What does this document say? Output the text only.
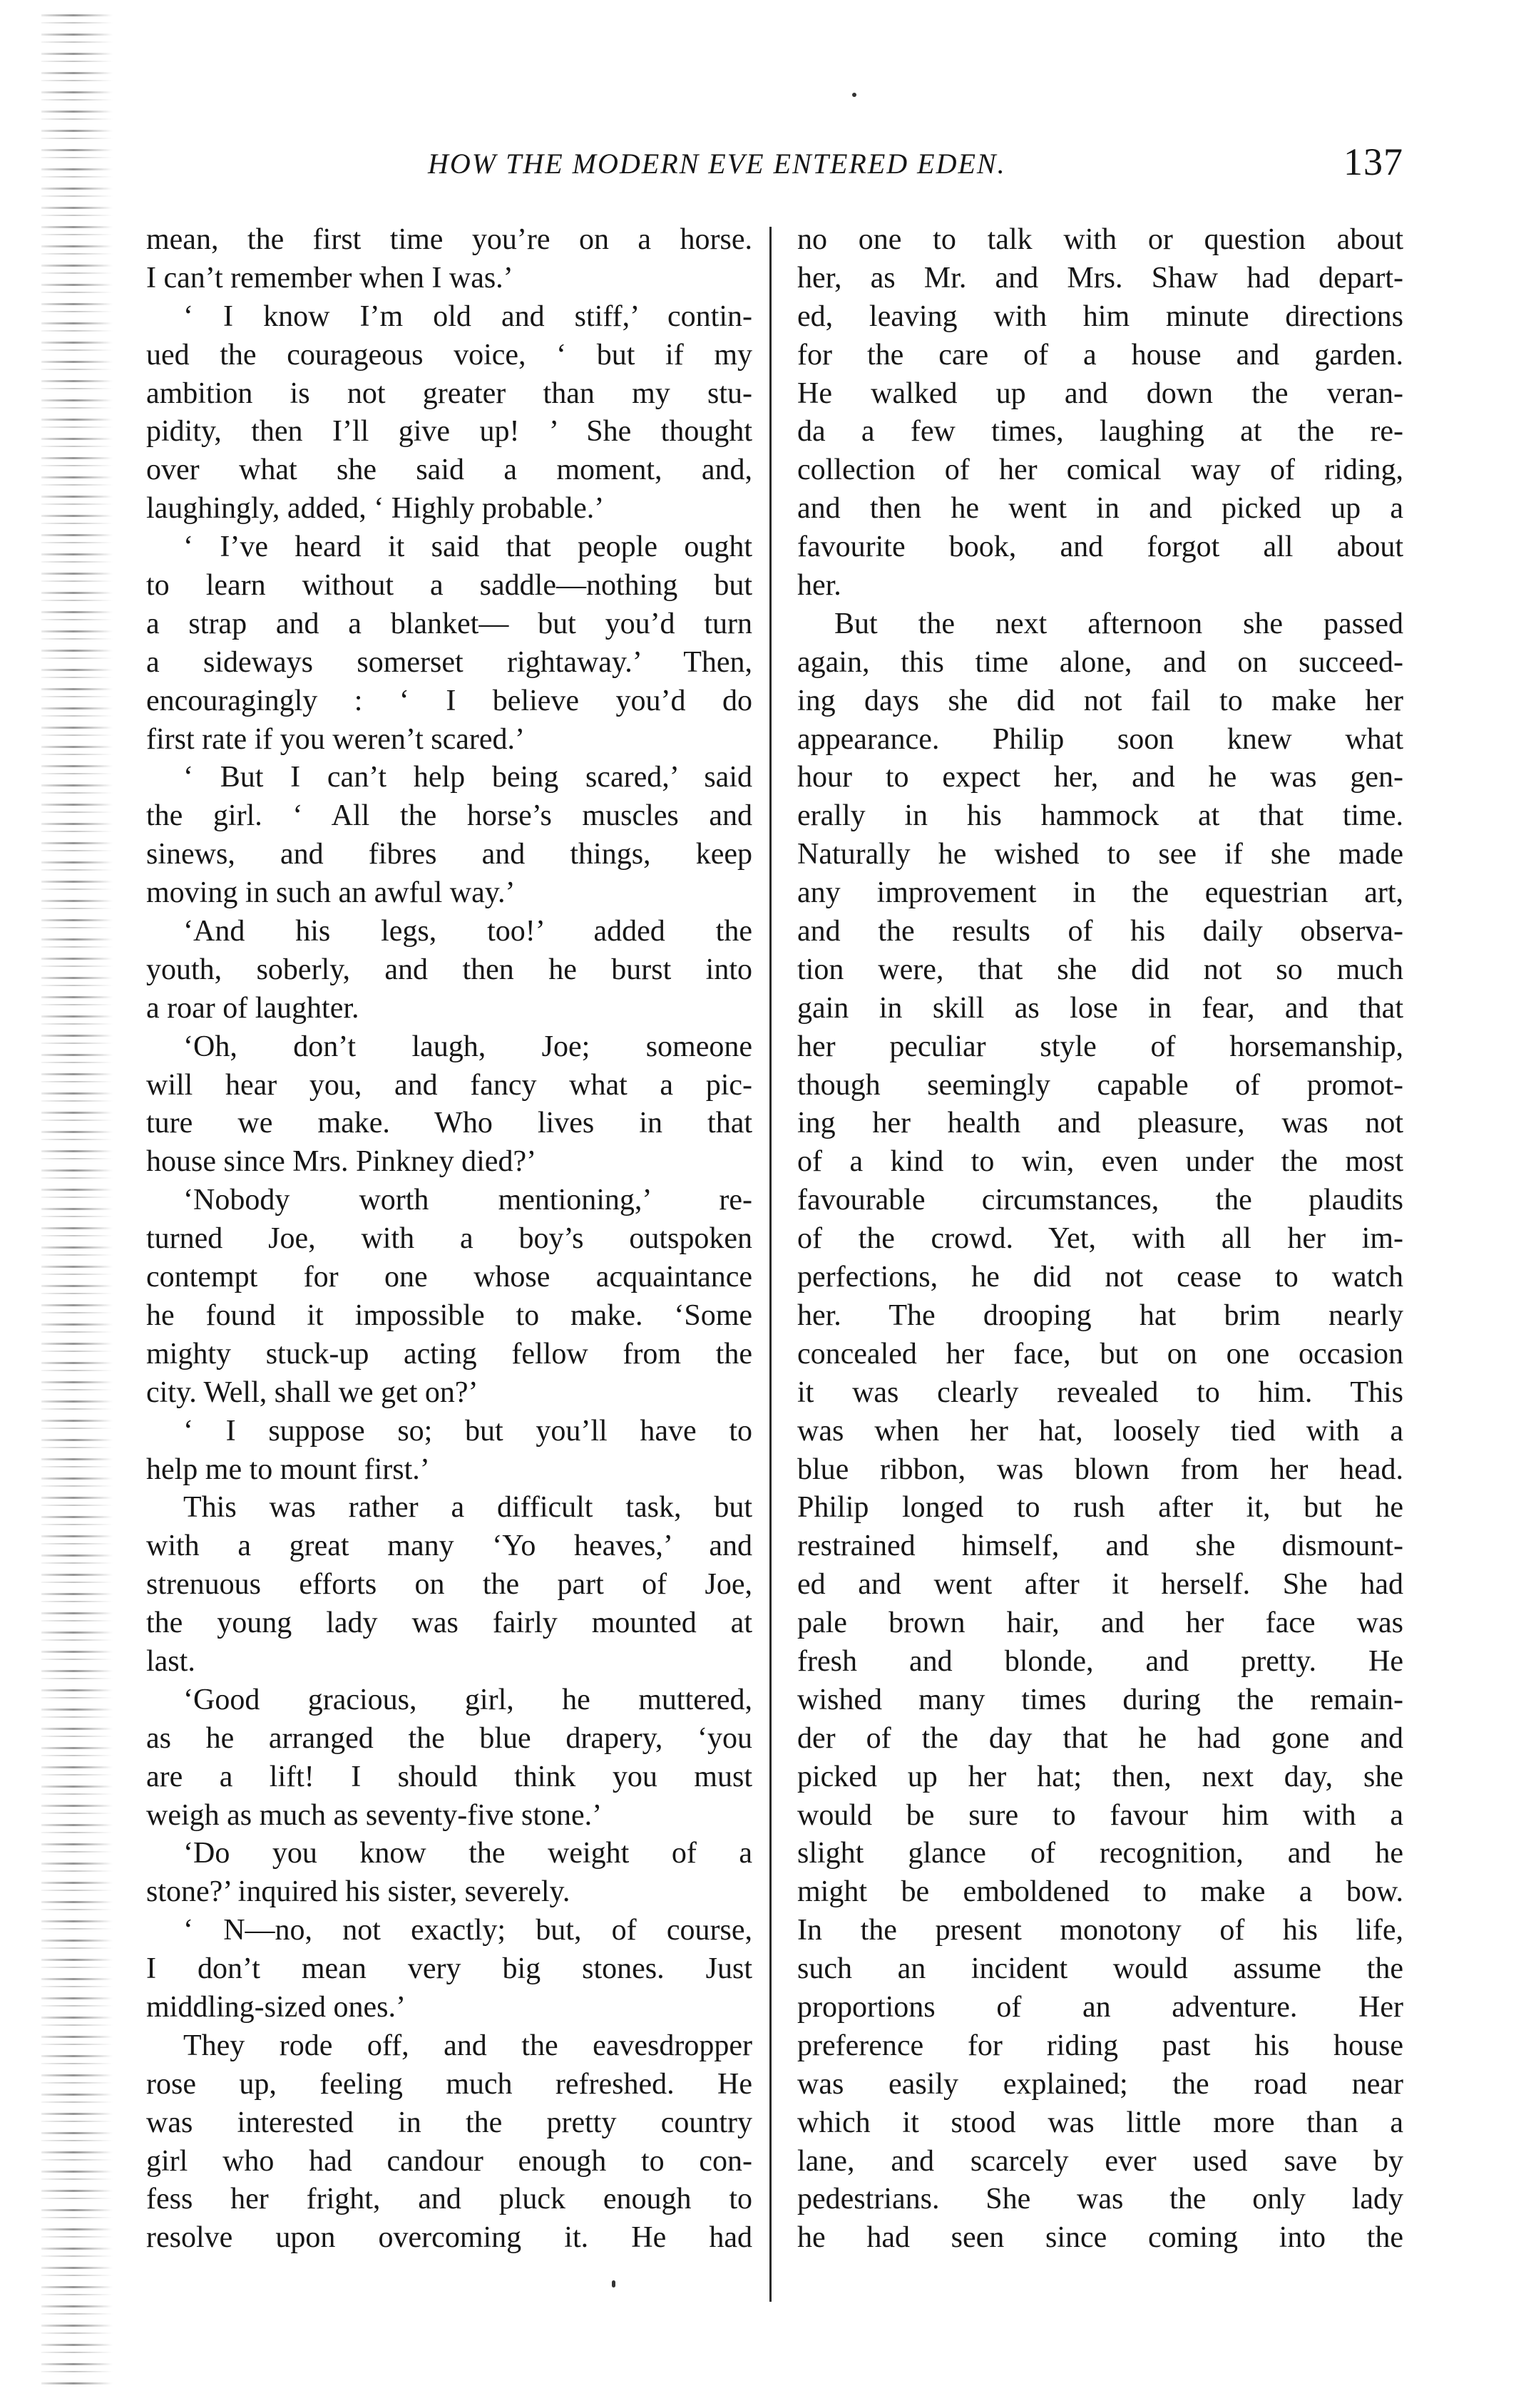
HOW THE MODERN EVE ENTERED EDEN.	137
mean, the first time you’re on a horse.
I can’t remember when I was.’
‘ I know I’m old and stiff,’ contin-
ued the courageous voice, ‘ but if my
ambition is not greater than my stu-
pidity, then I’ll give up! ’ She thought
over what she said a moment, and,
laughingly, added, ‘ Highly probable.’
‘ I’ve heard it said that people ought
to learn without a saddle—nothing but
a strap and a blanket— but you’d turn
a sideways somerset rightaway.’ Then,
encouragingly : ‘ I believe you’d do
first rate if you weren’t scared.’
‘ But I can’t help being scared,’ said
the girl. ‘ All the horse’s muscles and
sinews, and fibres and things, keep
moving in such an awful way.’
‘And his legs, too!’ added the
youth, soberly, and then he burst into
a roar of laughter.
‘Oh, don’t laugh, Joe; someone
will hear you, and fancy what a pic-
ture we make. Who lives in that
house since Mrs. Pinkney died?’
‘Nobody worth mentioning,’ re-
turned Joe, with a boy’s outspoken
contempt for one whose acquaintance
he found it impossible to make. ‘Some
mighty stuck-up acting fellow from the
city. Well, shall we get on?’
‘ I suppose so; but you’ll have to
help me to mount first.’
This was rather a difficult task, but
with a great many ‘Yo heaves,’ and
strenuous efforts on the part of Joe,
the young lady was fairly mounted at
last.
‘Good gracious, girl, he muttered,
as he arranged the blue drapery, ‘you
are a lift! I should think you must
weigh as much as seventy-five stone.’
‘Do you know the weight of a
stone?’ inquired his sister, severely.
‘ N—no, not exactly; but, of course,
I don’t mean very big stones. Just
middling-sized ones.’
They rode off, and the eavesdropper
rose up, feeling much refreshed. He
was interested in the pretty country
girl who had candour enough to con-
fess her fright, and pluck enough to
resolve upon overcoming it. He had
no one to talk with or question about
her, as Mr. and Mrs. Shaw had depart-
ed, leaving with him minute directions
for the care of a house and garden.
He walked up and down the veran-
da a few times, laughing at the re-
collection of her comical way of riding,
and then he went in and picked up a
favourite book, and forgot all about
her.
But the next afternoon she passed
again, this time alone, and on succeed-
ing days she did not fail to make her
appearance. Philip soon knew what
hour to expect her, and he was gen-
erally in his hammock at that time.
Naturally he wished to see if she made
any improvement in the equestrian art,
and the results of his daily observa-
tion were, that she did not so much
gain in skill as lose in fear, and that
her peculiar style of horsemanship,
though seemingly capable of promot-
ing her health and pleasure, was not
of a kind to win, even under the most
favourable circumstances, the plaudits
of the crowd. Yet, with all her im-
perfections, he did not cease to watch
her. The drooping hat brim nearly
concealed her face, but on one occasion
it was clearly revealed to him. This
was when her hat, loosely tied with a
blue ribbon, was blown from her head.
Philip longed to rush after it, but he
restrained himself, and she dismount-
ed and went after it herself. She had
pale brown hair, and her face was
fresh and blonde, and pretty. He
wished many times during the remain-
der of the day that he had gone and
picked up her hat; then, next day, she
would be sure to favour him with a
slight glance of recognition, and he
might be emboldened to make a bow.
In the present monotony of his life,
such an incident would assume the
proportions of an adventure. Her
preference for riding past his house
was easily explained; the road near
which it stood was little more than a
lane, and scarcely ever used save by
pedestrians. She was the only lady
he had seen since coming into the
